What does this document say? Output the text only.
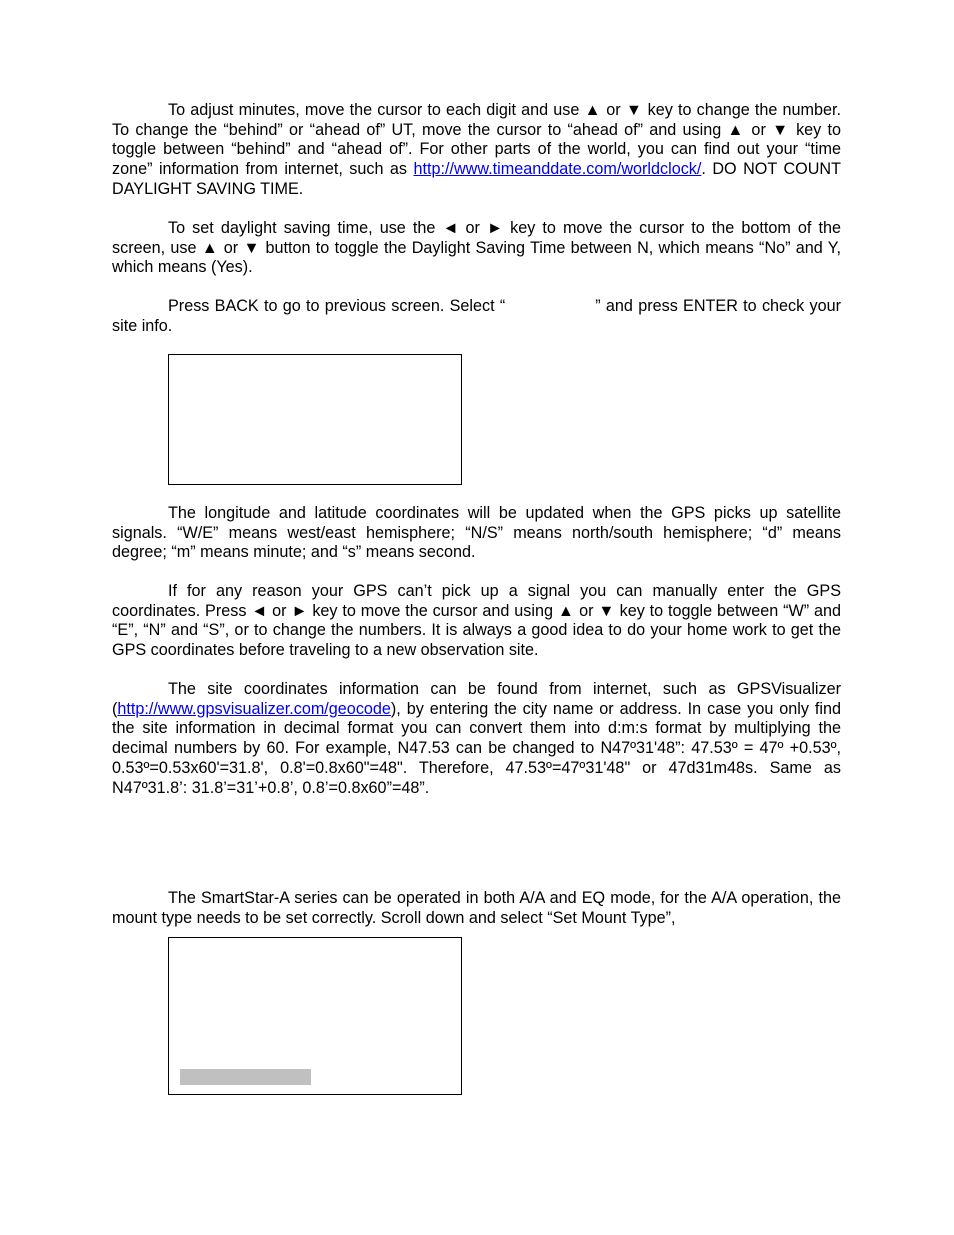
To adjust minutes, move the cursor to each digit and use ▲ or ▼ key to change the number. To change the “behind” or “ahead of” UT, move the cursor to “ahead of” and using ▲ or ▼ key to toggle between “behind” and “ahead of”. For other parts of the world, you can find out your “time zone” information from internet, such as http://www.timeanddate.com/worldclock/. DO NOT COUNT DAYLIGHT SAVING TIME.

To set daylight saving time, use the ◄ or ► key to move the cursor to the bottom of the screen, use ▲ or ▼ button to toggle the Daylight Saving Time between N, which means “No” and Y, which means (Yes).

Press BACK to go to previous screen. Select “	” and press ENTER to check your site info.

The longitude and latitude coordinates will be updated when the GPS picks up satellite signals. “W/E” means west/east hemisphere; “N/S” means north/south hemisphere; “d” means degree; “m” means minute; and “s” means second.

If for any reason your GPS can’t pick up a signal you can manually enter the GPS coordinates. Press ◄ or ► key to move the cursor and using ▲ or ▼ key to toggle between “W” and “E”, “N” and “S”, or to change the numbers. It is always a good idea to do your home work to get the GPS coordinates before traveling to a new observation site.

The site coordinates information can be found from internet, such as GPSVisualizer (http://www.gpsvisualizer.com/geocode), by entering the city name or address. In case you only find the site information in decimal format you can convert them into d:m:s format by multiplying the decimal numbers by 60. For example, N47.53 can be changed to N47º31'48”: 47.53º = 47º +0.53º, 0.53º=0.53x60'=31.8', 0.8'=0.8x60"=48". Therefore, 47.53º=47º31'48" or 47d31m48s. Same as N47º31.8’: 31.8’=31’+0.8’, 0.8’=0.8x60”=48”.

The SmartStar-A series can be operated in both A/A and EQ mode, for the A/A operation, the mount type needs to be set correctly. Scroll down and select “Set Mount Type”,
